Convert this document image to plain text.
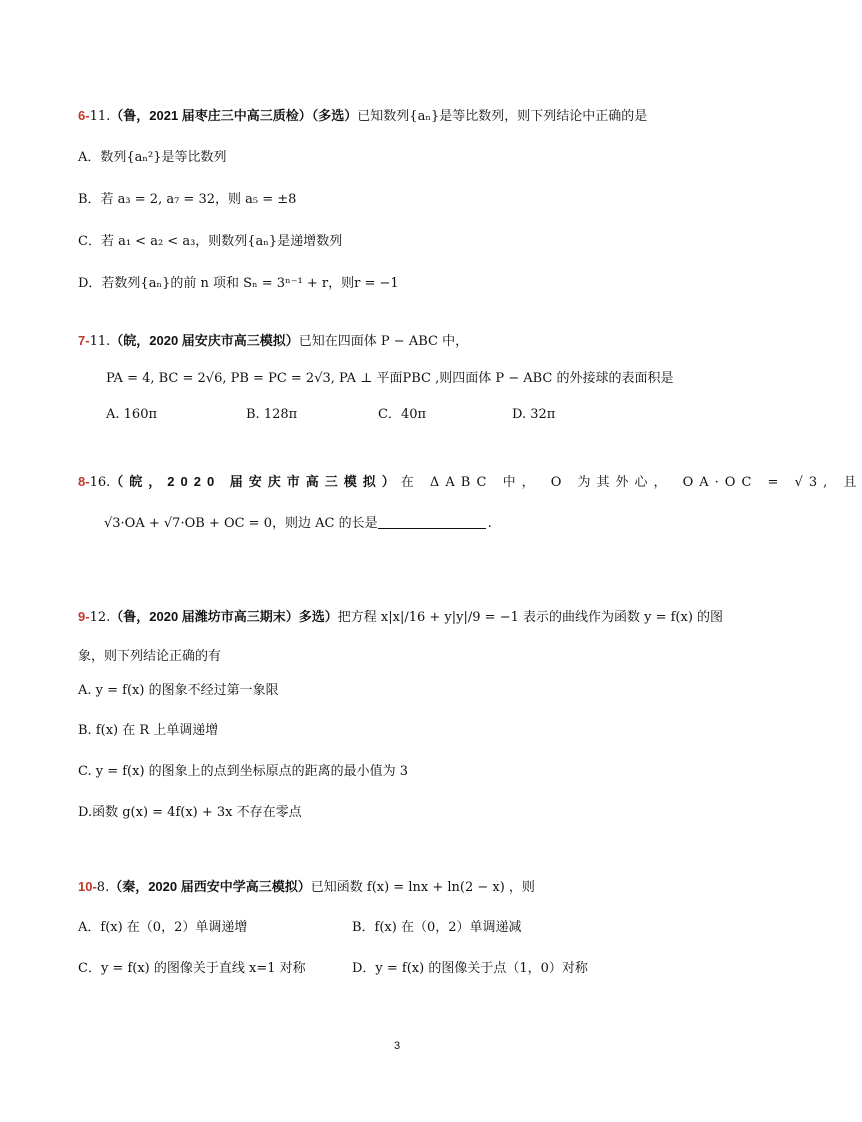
6-11.（鲁，2021 届枣庄三中高三质检）（多选）已知数列{aₙ}是等比数列，则下列结论中正确的是
A．数列{aₙ²}是等比数列
B．若 a₃ = 2, a₇ = 32，则 a₅ = ±8
C．若 a₁ < a₂ < a₃，则数列{aₙ}是递增数列
D．若数列{aₙ}的前 n 项和 Sₙ = 3ⁿ⁻¹ + r，则r = −1
7-11.（皖，2020 届安庆市高三模拟）已知在四面体 P − ABC 中，
PA = 4, BC = 2√6, PB = PC = 2√3, PA ⊥ 平面PBC ,则四面体 P − ABC 的外接球的表面积是
A. 160π	B. 128π	C．40π	D. 32π
8-16.（皖，2020 届安庆市高三模拟）在 ΔABC 中， O 为其外心， OA·OC = √3, 且
√3·OA + √7·OB + OC = 0，则边 AC 的长是	.
9-12.（鲁，2020 届潍坊市高三期末）多选）把方程 x|x|/16 + y|y|/9 = −1 表示的曲线作为函数 y = f(x) 的图
象，则下列结论正确的有
A. y = f(x) 的图象不经过第一象限
B. f(x) 在 R 上单调递增
C. y = f(x) 的图象上的点到坐标原点的距离的最小值为 3
D.函数 g(x) = 4f(x) + 3x 不存在零点
10-8.（秦，2020 届西安中学高三模拟）已知函数 f(x) = lnx + ln(2 − x) ，则
A．f(x) 在（0，2）单调递增	B．f(x) 在（0，2）单调递减
C．y = f(x) 的图像关于直线 x=1 对称	D．y = f(x) 的图像关于点（1，0）对称
3
